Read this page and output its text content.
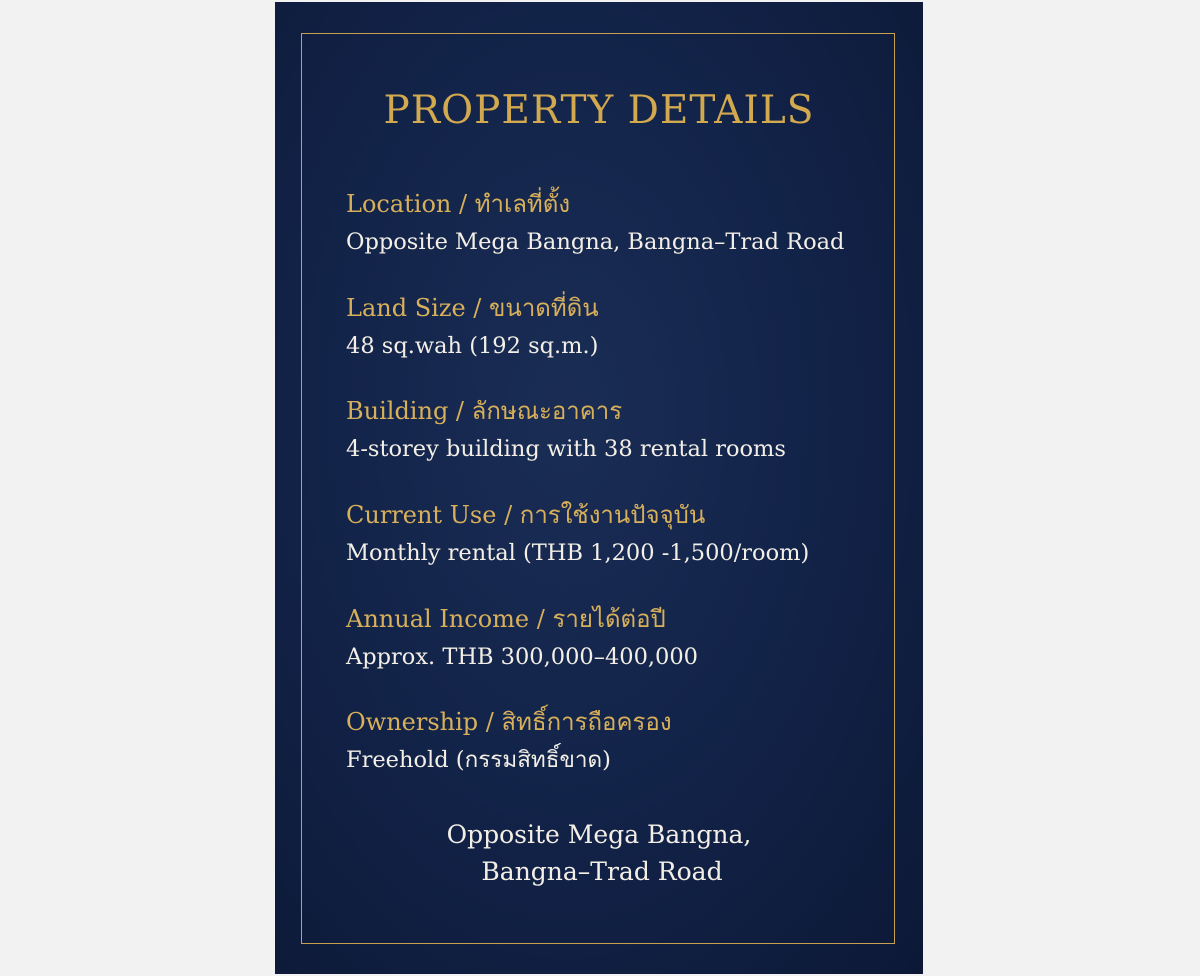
PROPERTY DETAILS
Location / ทำเลที่ตั้ง
Opposite Mega Bangna, Bangna–Trad Road
Land Size / ขนาดที่ดิน
48 sq.wah (192 sq.m.)
Building / ลักษณะอาคาร
4-storey building with 38 rental rooms
Current Use / การใช้งานปัจจุบัน
Monthly rental (THB 1,200 -1,500/room)
Annual Income / รายได้ต่อปี
Approx. THB 300,000–400,000
Ownership / สิทธิ์การถือครอง
Freehold (กรรมสิทธิ์ขาด)
Opposite Mega Bangna,
Bangna–Trad Road
